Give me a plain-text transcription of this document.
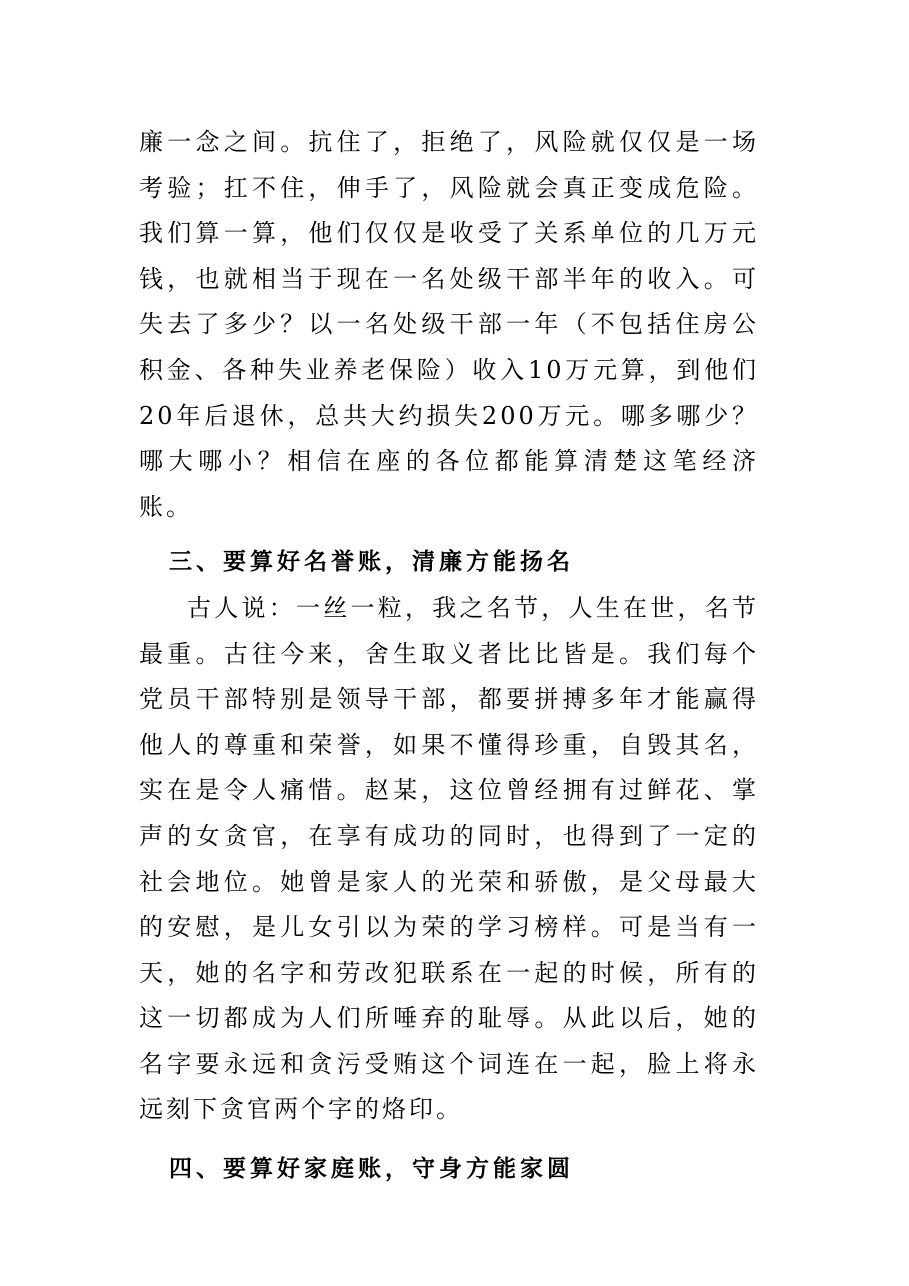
廉一念之间。抗住了，拒绝了，风险就仅仅是一场考验；扛不住，伸手了，风险就会真正变成危险。我们算一算，他们仅仅是收受了关系单位的几万元钱，也就相当于现在一名处级干部半年的收入。可失去了多少？以一名处级干部一年（不包括住房公积金、各种失业养老保险）收入10万元算，到他们20年后退休，总共大约损失200万元。哪多哪少？哪大哪小？相信在座的各位都能算清楚这笔经济账。

三、要算好名誉账，清廉方能扬名

古人说：一丝一粒，我之名节，人生在世，名节最重。古往今来，舍生取义者比比皆是。我们每个党员干部特别是领导干部，都要拼搏多年才能赢得他人的尊重和荣誉，如果不懂得珍重，自毁其名，实在是令人痛惜。赵某，这位曾经拥有过鲜花、掌声的女贪官，在享有成功的同时，也得到了一定的社会地位。她曾是家人的光荣和骄傲，是父母最大的安慰，是儿女引以为荣的学习榜样。可是当有一天，她的名字和劳改犯联系在一起的时候，所有的这一切都成为人们所唾弃的耻辱。从此以后，她的名字要永远和贪污受贿这个词连在一起，脸上将永远刻下贪官两个字的烙印。

四、要算好家庭账，守身方能家圆
